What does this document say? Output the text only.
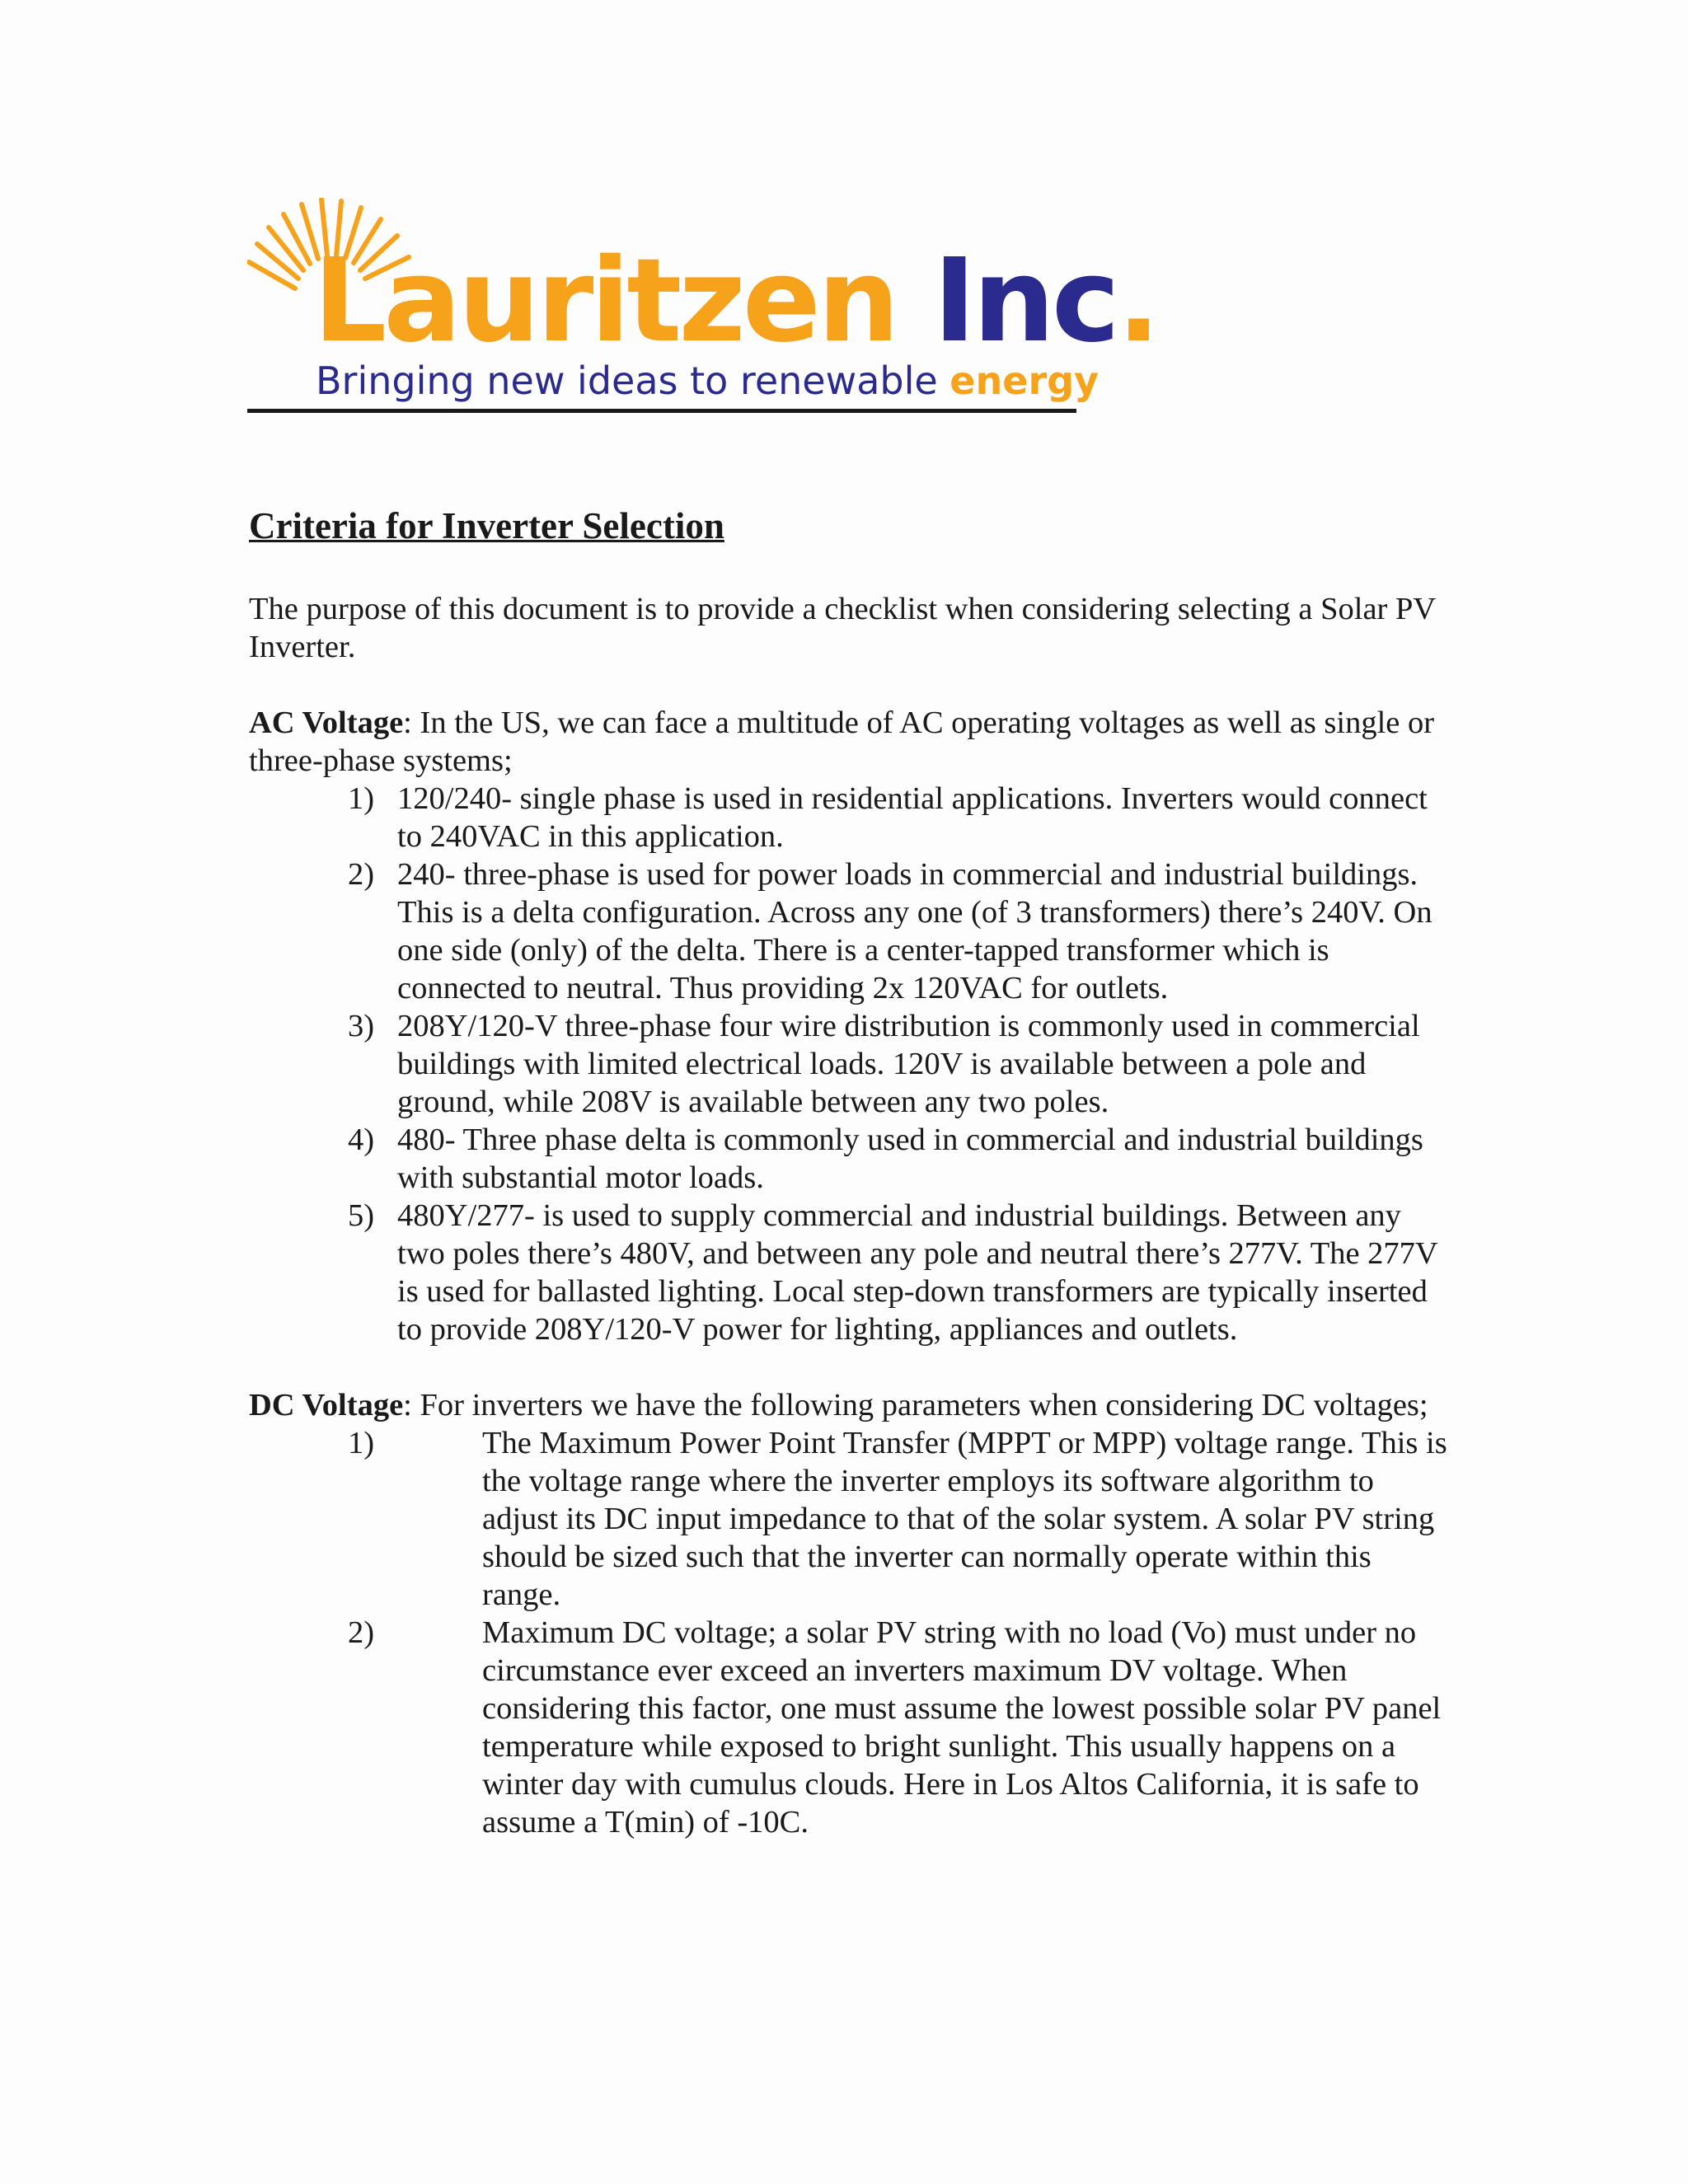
Lauritzen Inc.
Bringing new ideas to renewable energy
Criteria for Inverter Selection

The purpose of this document is to provide a checklist when considering selecting a Solar PV Inverter.

AC Voltage: In the US, we can face a multitude of AC operating voltages as well as single or three-phase systems;

1) 120/240- single phase is used in residential applications. Inverters would connect to 240VAC in this application.
2) 240- three-phase is used for power loads in commercial and industrial buildings. This is a delta configuration. Across any one (of 3 transformers) there’s 240V. On one side (only) of the delta. There is a center-tapped transformer which is connected to neutral. Thus providing 2x 120VAC for outlets.
3) 208Y/120-V three-phase four wire distribution is commonly used in commercial buildings with limited electrical loads. 120V is available between a pole and ground, while 208V is available between any two poles.
4) 480- Three phase delta is commonly used in commercial and industrial buildings with substantial motor loads.
5) 480Y/277- is used to supply commercial and industrial buildings. Between any two poles there’s 480V, and between any pole and neutral there’s 277V. The 277V is used for ballasted lighting. Local step-down transformers are typically inserted to provide 208Y/120-V power for lighting, appliances and outlets.

DC Voltage: For inverters we have the following parameters when considering DC voltages;

1)	The Maximum Power Point Transfer (MPPT or MPP) voltage range. This is the voltage range where the inverter employs its software algorithm to adjust its DC input impedance to that of the solar system. A solar PV string should be sized such that the inverter can normally operate within this range.
2)	Maximum DC voltage; a solar PV string with no load (Vo) must under no circumstance ever exceed an inverters maximum DV voltage. When considering this factor, one must assume the lowest possible solar PV panel temperature while exposed to bright sunlight. This usually happens on a winter day with cumulus clouds. Here in Los Altos California, it is safe to assume a T(min) of -10C.
